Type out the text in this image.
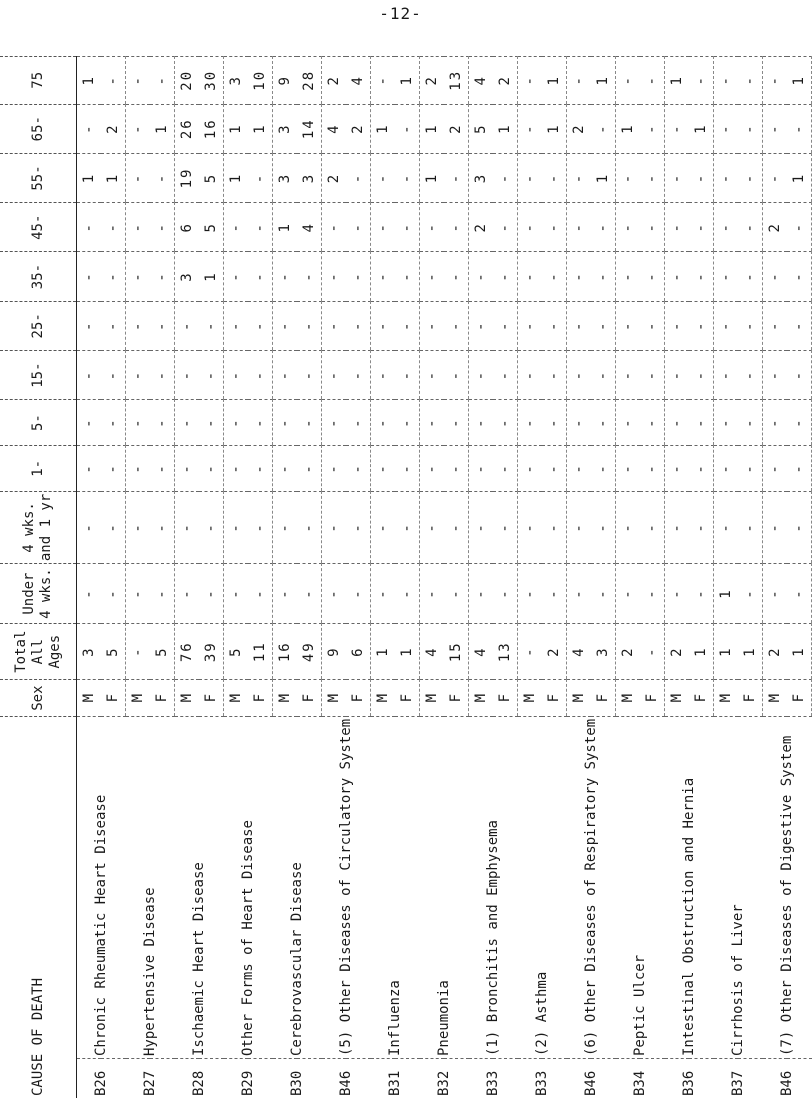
-12-
CAUSE OF DEATH		Sex	Total
All
Ages	Under
4 wks.	4 wks.
and 1 yr	1-	5-	15-	25-	35-	45-	55-	65-	75
B26	Chronic Rheumatic Heart Disease	M	3	-	-	-	-	-	-	-	-	1	-	1
		F	5	-	-	-	-	-	-	-	-	1	2	-
B27	Hypertensive Disease	M	-	-	-	-	-	-	-	-	-	-	-	-
		F	5	-	-	-	-	-	-	-	-	-	1	-
B28	Ischaemic Heart Disease	M	76	-	-	-	-	-	-	3	6	19	26	20
		F	39	-	-	-	-	-	-	1	5	5	16	30
B29	Other Forms of Heart Disease	M	5	-	-	-	-	-	-	-	-	1	1	3
		F	11	-	-	-	-	-	-	-	-	-	1	10
B30	Cerebrovascular Disease	M	16	-	-	-	-	-	-	-	1	3	3	9
		F	49	-	-	-	-	-	-	-	4	3	14	28
B46	(5) Other Diseases of Circulatory System	M	9	-	-	-	-	-	-	-	-	2	4	2
		F	6	-	-	-	-	-	-	-	-	-	2	4
B31	Influenza	M	1	-	-	-	-	-	-	-	-	-	1	-
		F	1	-	-	-	-	-	-	-	-	-	-	1
B32	Pneumonia	M	4	-	-	-	-	-	-	-	-	1	1	2
		F	15	-	-	-	-	-	-	-	-	-	2	13
B33	(1) Bronchitis and Emphysema	M	4	-	-	-	-	-	-	-	2	3	5	4
		F	13	-	-	-	-	-	-	-	-	-	1	2
B33	(2) Asthma	M	-	-	-	-	-	-	-	-	-	-	-	-
		F	2	-	-	-	-	-	-	-	-	-	1	1
B46	(6) Other Diseases of Respiratory System	M	4	-	-	-	-	-	-	-	-	-	2	-
		F	3	-	-	-	-	-	-	-	-	1	-	1
B34	Peptic Ulcer	M	2	-	-	-	-	-	-	-	-	-	1	-
		F	-	-	-	-	-	-	-	-	-	-	-	-
B36	Intestinal Obstruction and Hernia	M	2	-	-	-	-	-	-	-	-	-	-	1
		F	1	-	-	-	-	-	-	-	-	-	1	-
B37	Cirrhosis of Liver	M	1	1	-	-	-	-	-	-	-	-	-	-
		F	1	-	-	-	-	-	-	-	-	-	-	-
B46	(7) Other Diseases of Digestive System	M	2	-	-	-	-	-	-	-	2	-	-	-
		F	1	-	-	-	-	-	-	-	-	1	-	1
